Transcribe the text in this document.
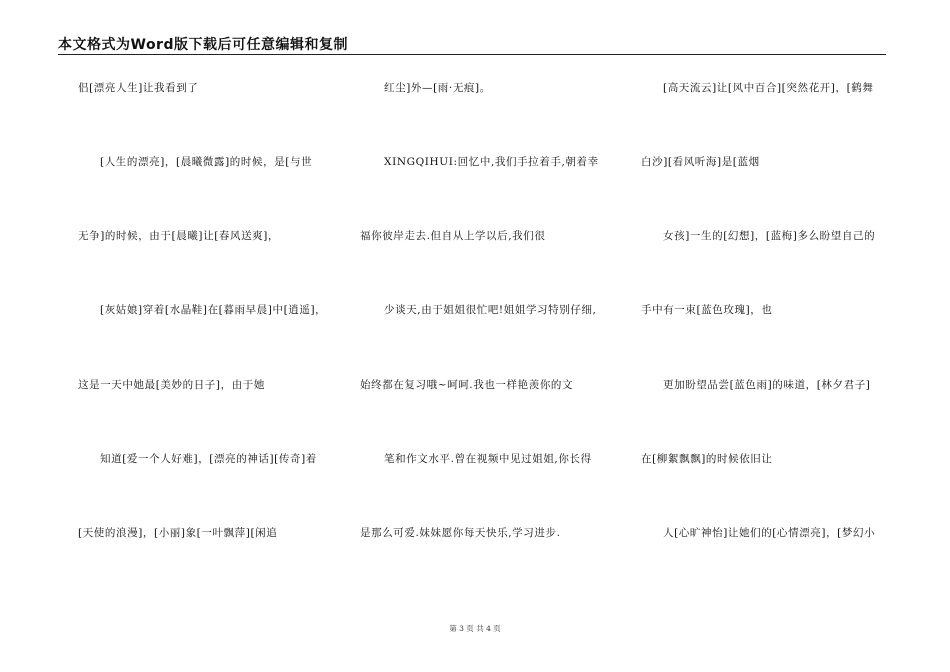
本文格式为Word版下载后可任意编辑和复制
侣[漂亮人生]让我看到了
[人生的漂亮]，[晨曦微露]的时候，是[与世
无争]的时候，由于[晨曦]让[春风送爽]，
[灰姑娘]穿着[水晶鞋]在[暮雨早晨]中[逍遥]，
这是一天中她最[美妙的日子]，由于她
知道[爱一个人好难]，[漂亮的神话][传奇]着
[天使的浪漫]，[小丽]象[一叶飘萍][闲追
红尘]外—[雨·无痕]。
XINGQIHUI:回忆中,我们手拉着手,朝着幸
福你彼岸走去.但自从上学以后,我们很
少谈天,由于姐姐很忙吧!姐姐学习特别仔细,
始终都在复习哦~呵呵.我也一样艳羡你的文
笔和作文水平.曾在视频中见过姐姐,你长得
是那么可爱.妹妹愿你每天快乐,学习进步.
[高天流云]让[风中百合][突然花开]，[鹤舞
白沙][看风听海]是[蓝烟
女孩]一生的[幻想]，[蓝梅]多么盼望自己的
手中有一束[蓝色玫瑰]，也
更加盼望品尝[蓝色雨]的味道，[林夕君子]
在[柳絮飘飘]的时候依旧让
人[心旷神怡]让她们的[心情漂亮]，[梦幻小
第 3 页 共 4 页
